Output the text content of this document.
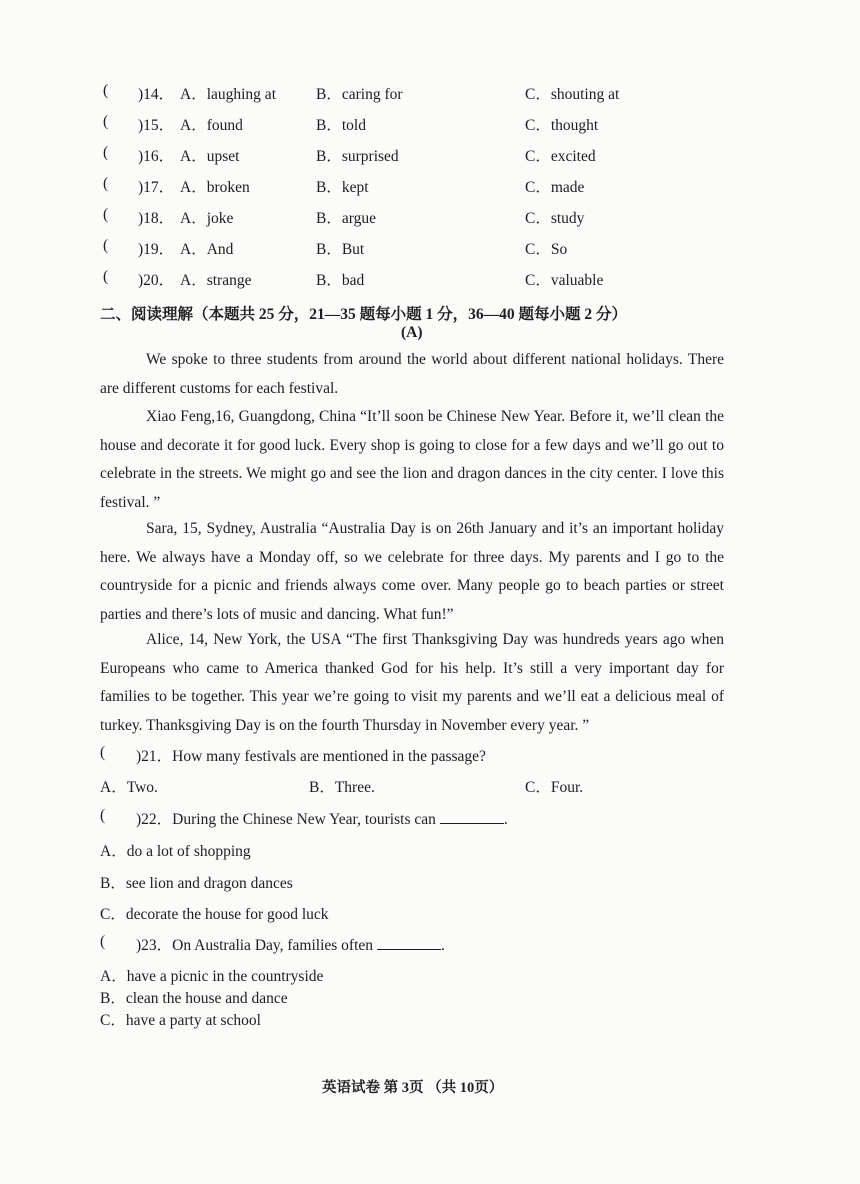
( )14． A．laughing at	B．caring for	C．shouting at
( )15． A．found	B．told	C．thought
( )16． A．upset	B．surprised	C．excited
( )17． A．broken	B．kept	C．made
( )18． A．joke	B．argue	C．study
( )19． A．And	B．But	C．So
( )20． A．strange	B．bad	C．valuable
二、阅读理解（本题共 25 分，21—35 题每小题 1 分，36—40 题每小题 2 分）
(A)
We spoke to three students from around the world about different national holidays. There are different customs for each festival.
Xiao Feng,16, Guangdong, China “It’ll soon be Chinese New Year. Before it, we’ll clean the house and decorate it for good luck. Every shop is going to close for a few days and we’ll go out to celebrate in the streets. We might go and see the lion and dragon dances in the city center. I love this festival. ”
Sara, 15, Sydney, Australia “Australia Day is on 26th January and it’s an important holiday here. We always have a Monday off, so we celebrate for three days. My parents and I go to the countryside for a picnic and friends always come over. Many people go to beach parties or street parties and there’s lots of music and dancing. What fun!”
Alice, 14, New York, the USA “The first Thanksgiving Day was hundreds years ago when Europeans who came to America thanked God for his help. It’s still a very important day for families to be together. This year we’re going to visit my parents and we’ll eat a delicious meal of turkey. Thanksgiving Day is on the fourth Thursday in November every year. ”
( )21．How many festivals are mentioned in the passage?
A．Two.	B．Three.	C．Four.
( )22．During the Chinese New Year, tourists can	.
A．do a lot of shopping
B．see lion and dragon dances
C．decorate the house for good luck
( )23．On Australia Day, families often	.
A．have a picnic in the countryside
B．clean the house and dance
C．have a party at school
英语试卷 第 3页 （共 10页）
